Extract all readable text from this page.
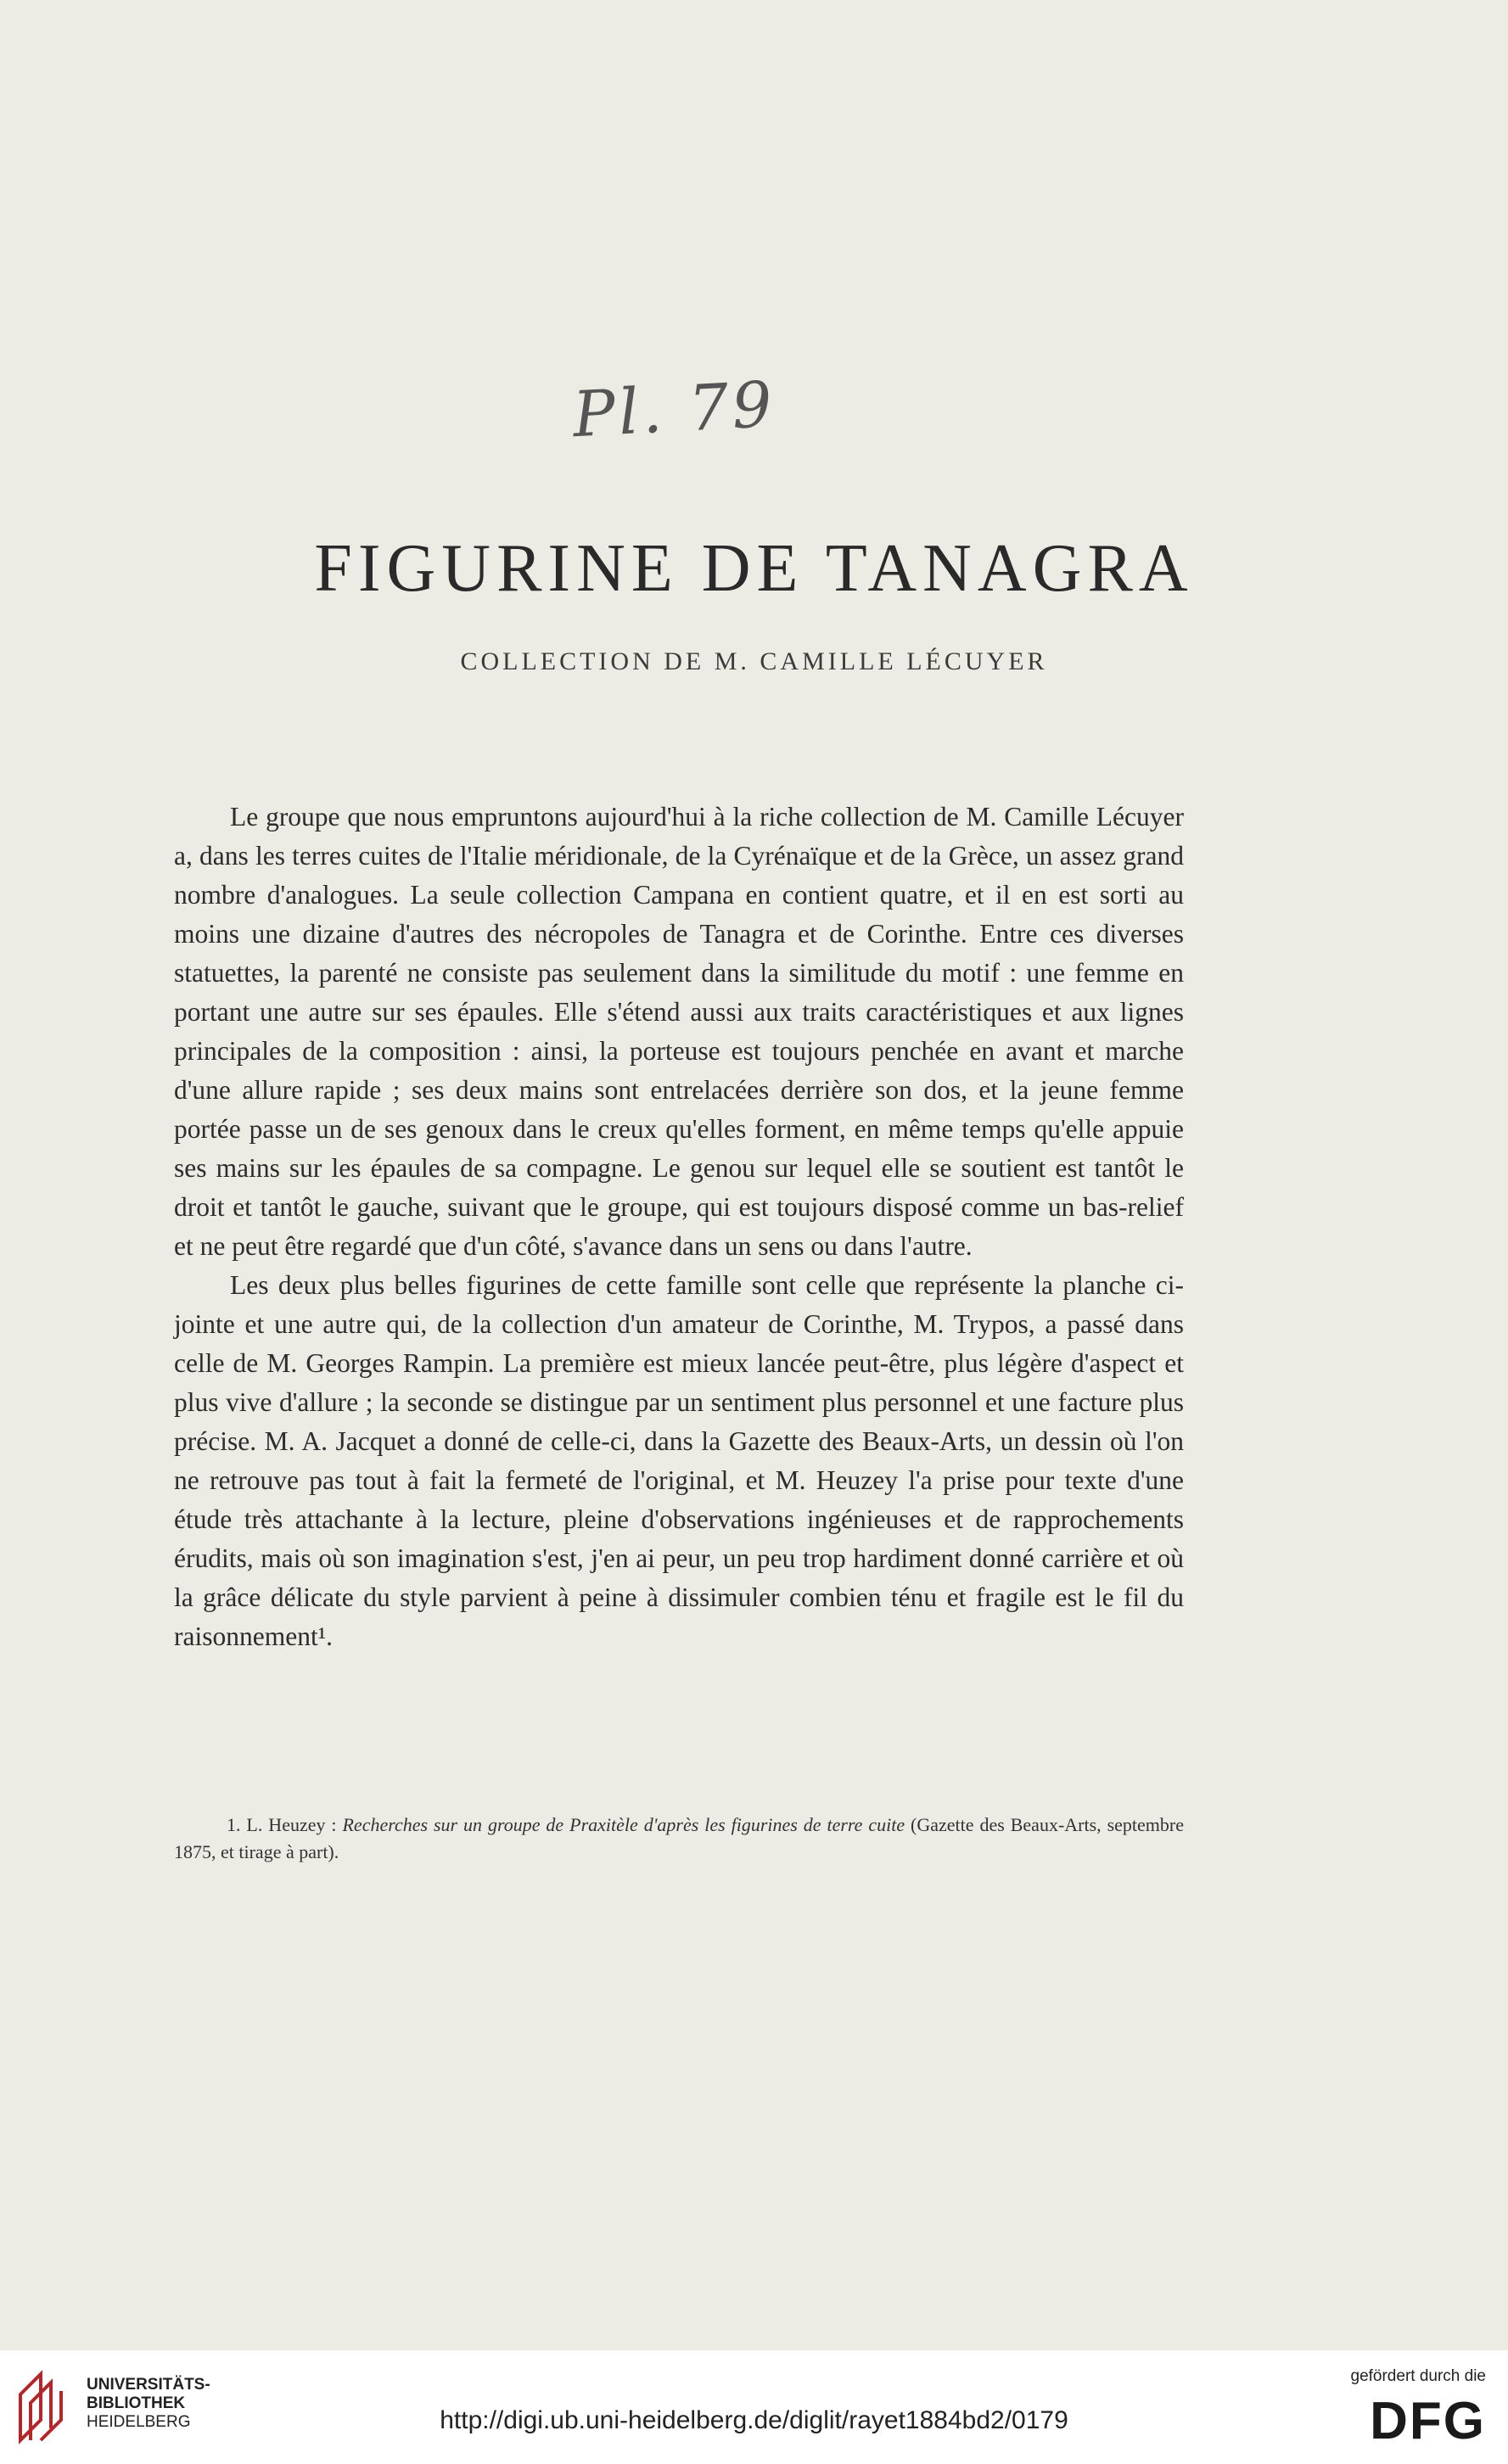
Pl. 79
FIGURINE DE TANAGRA
COLLECTION DE M. CAMILLE LÉCUYER

Le groupe que nous empruntons aujourd'hui à la riche collection de M. Camille Lécuyer a, dans les terres cuites de l'Italie méridionale, de la Cyrénaïque et de la Grèce, un assez grand nombre d'analogues. La seule collection Campana en contient quatre, et il en est sorti au moins une dizaine d'autres des nécropoles de Tanagra et de Corinthe. Entre ces diverses statuettes, la parenté ne consiste pas seulement dans la similitude du motif : une femme en portant une autre sur ses épaules. Elle s'étend aussi aux traits caractéristiques et aux lignes principales de la composition : ainsi, la porteuse est toujours penchée en avant et marche d'une allure rapide ; ses deux mains sont entrelacées derrière son dos, et la jeune femme portée passe un de ses genoux dans le creux qu'elles forment, en même temps qu'elle appuie ses mains sur les épaules de sa compagne. Le genou sur lequel elle se soutient est tantôt le droit et tantôt le gauche, suivant que le groupe, qui est toujours disposé comme un bas-relief et ne peut être regardé que d'un côté, s'avance dans un sens ou dans l'autre.

Les deux plus belles figurines de cette famille sont celle que représente la planche ci-jointe et une autre qui, de la collection d'un amateur de Corinthe, M. Trypos, a passé dans celle de M. Georges Rampin. La première est mieux lancée peut-être, plus légère d'aspect et plus vive d'allure ; la seconde se distingue par un sentiment plus personnel et une facture plus précise. M. A. Jacquet a donné de celle-ci, dans la Gazette des Beaux-Arts, un dessin où l'on ne retrouve pas tout à fait la fermeté de l'original, et M. Heuzey l'a prise pour texte d'une étude très attachante à la lecture, pleine d'observations ingénieuses et de rapprochements érudits, mais où son imagination s'est, j'en ai peur, un peu trop hardiment donné carrière et où la grâce délicate du style parvient à peine à dissimuler combien ténu et fragile est le fil du raisonnement¹.

1. L. Heuzey : Recherches sur un groupe de Praxitèle d'après les figurines de terre cuite (Gazette des Beaux-Arts, septembre 1875, et tirage à part).
UNIVERSITÄTS-
BIBLIOTHEK
HEIDELBERG	http://digi.ub.uni-heidelberg.de/diglit/rayet1884bd2/0179
gefördert durch die
DFG
